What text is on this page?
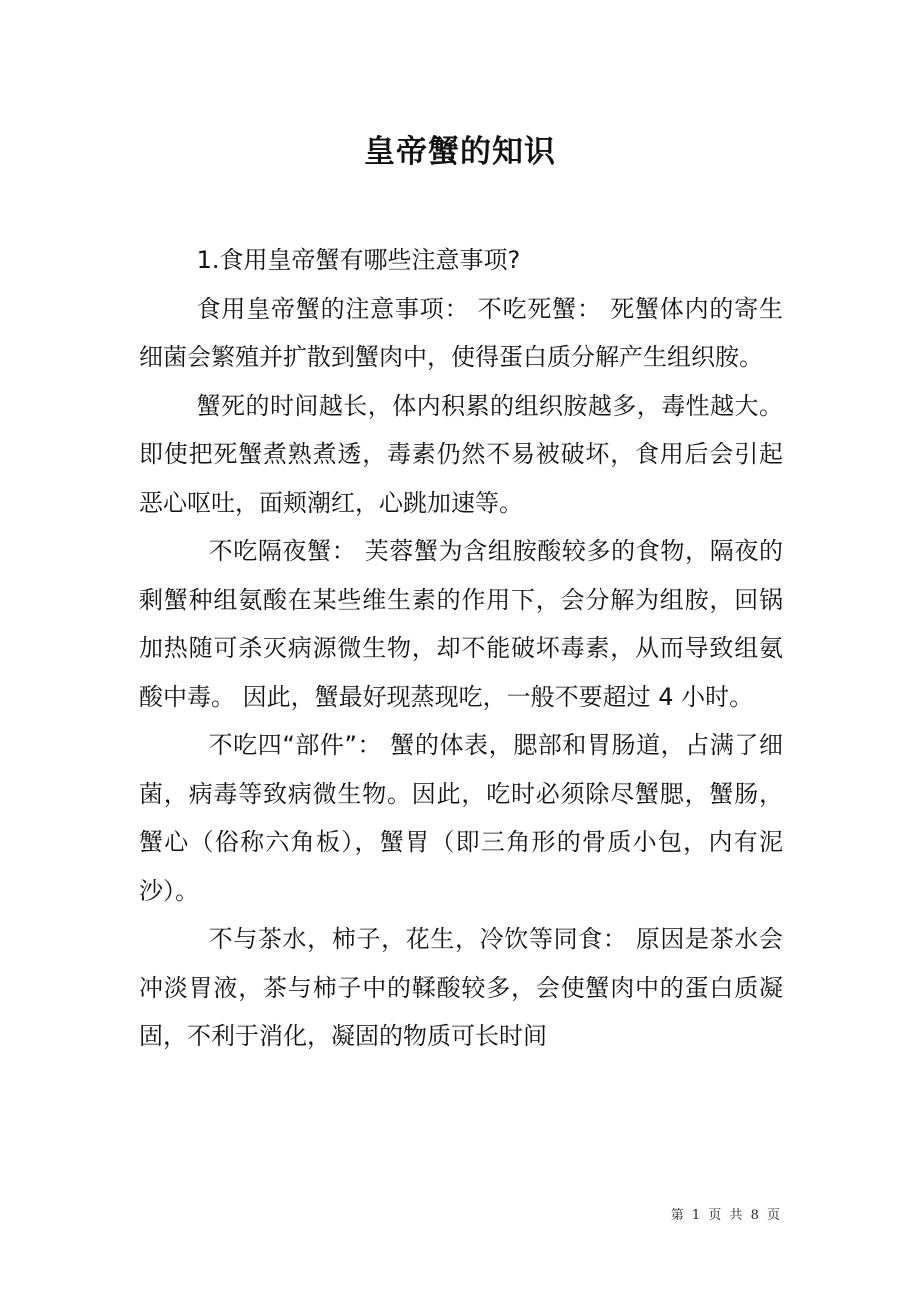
皇帝蟹的知识

1.食用皇帝蟹有哪些注意事项?

食用皇帝蟹的注意事项： 不吃死蟹： 死蟹体内的寄生细菌会繁殖并扩散到蟹肉中，使得蛋白质分解产生组织胺。

蟹死的时间越长，体内积累的组织胺越多，毒性越大。即使把死蟹煮熟煮透，毒素仍然不易被破坏，食用后会引起恶心呕吐，面颊潮红，心跳加速等。

不吃隔夜蟹： 芙蓉蟹为含组胺酸较多的食物，隔夜的剩蟹种组氨酸在某些维生素的作用下，会分解为组胺，回锅加热随可杀灭病源微生物，却不能破坏毒素，从而导致组氨酸中毒。 因此，蟹最好现蒸现吃，一般不要超过 4 小时。

不吃四“部件”： 蟹的体表，腮部和胃肠道，占满了细菌，病毒等致病微生物。因此，吃时必须除尽蟹腮，蟹肠，蟹心（俗称六角板），蟹胃（即三角形的骨质小包，内有泥沙）。

不与茶水，柿子，花生，冷饮等同食： 原因是茶水会冲淡胃液，茶与柿子中的鞣酸较多，会使蟹肉中的蛋白质凝固，不利于消化，凝固的物质可长时间

第 1 页 共 8 页
